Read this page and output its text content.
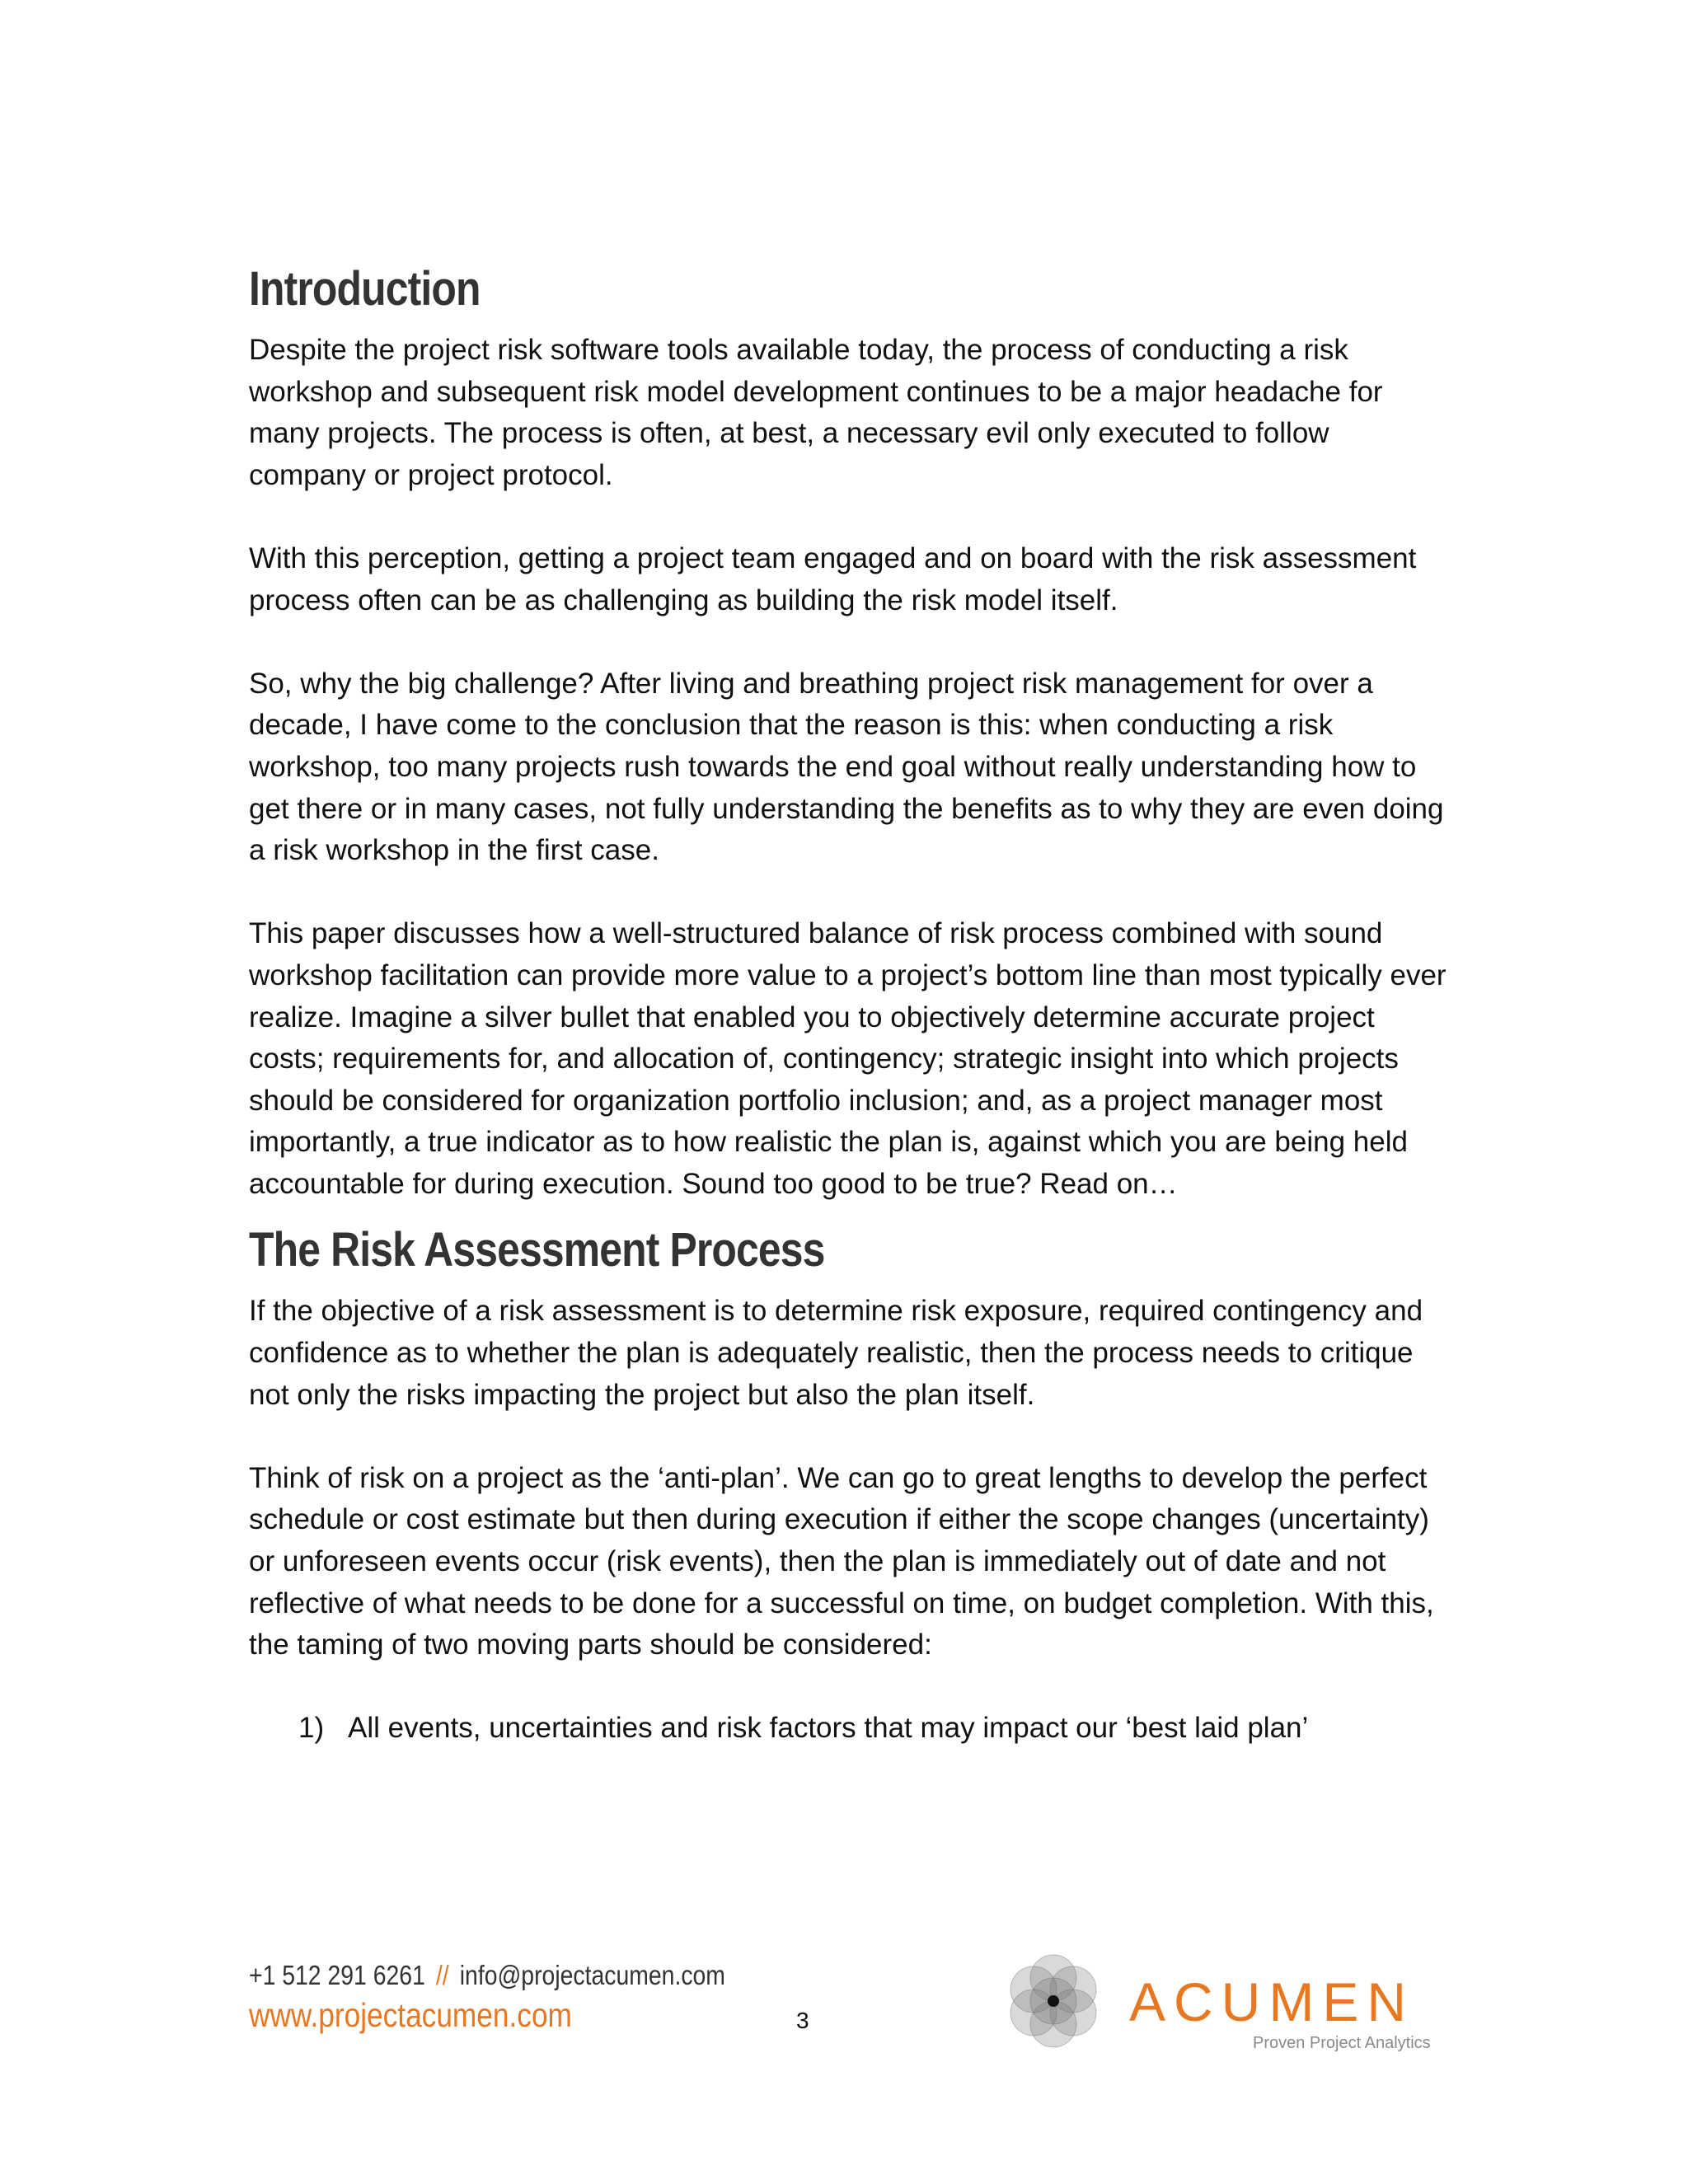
Introduction

Despite the project risk software tools available today, the process of conducting a risk workshop and subsequent risk model development continues to be a major headache for many projects. The process is often, at best, a necessary evil only executed to follow company or project protocol.

With this perception, getting a project team engaged and on board with the risk assessment process often can be as challenging as building the risk model itself.

So, why the big challenge? After living and breathing project risk management for over a decade, I have come to the conclusion that the reason is this: when conducting a risk workshop, too many projects rush towards the end goal without really understanding how to get there or in many cases, not fully understanding the benefits as to why they are even doing a risk workshop in the first case.

This paper discusses how a well-structured balance of risk process combined with sound workshop facilitation can provide more value to a project’s bottom line than most typically ever realize. Imagine a silver bullet that enabled you to objectively determine accurate project costs; requirements for, and allocation of, contingency; strategic insight into which projects should be considered for organization portfolio inclusion; and, as a project manager most importantly, a true indicator as to how realistic the plan is, against which you are being held accountable for during execution. Sound too good to be true? Read on…

The Risk Assessment Process

If the objective of a risk assessment is to determine risk exposure, required contingency and confidence as to whether the plan is adequately realistic, then the process needs to critique not only the risks impacting the project but also the plan itself.

Think of risk on a project as the ‘anti-plan’. We can go to great lengths to develop the perfect schedule or cost estimate but then during execution if either the scope changes (uncertainty) or unforeseen events occur (risk events), then the plan is immediately out of date and not reflective of what needs to be done for a successful on time, on budget completion. With this, the taming of two moving parts should be considered:

1) All events, uncertainties and risk factors that may impact our ‘best laid plan’
+1 512 291 6261 // info@projectacumen.com
www.projectacumen.com	3	ACUMEN
Proven Project Analytics
